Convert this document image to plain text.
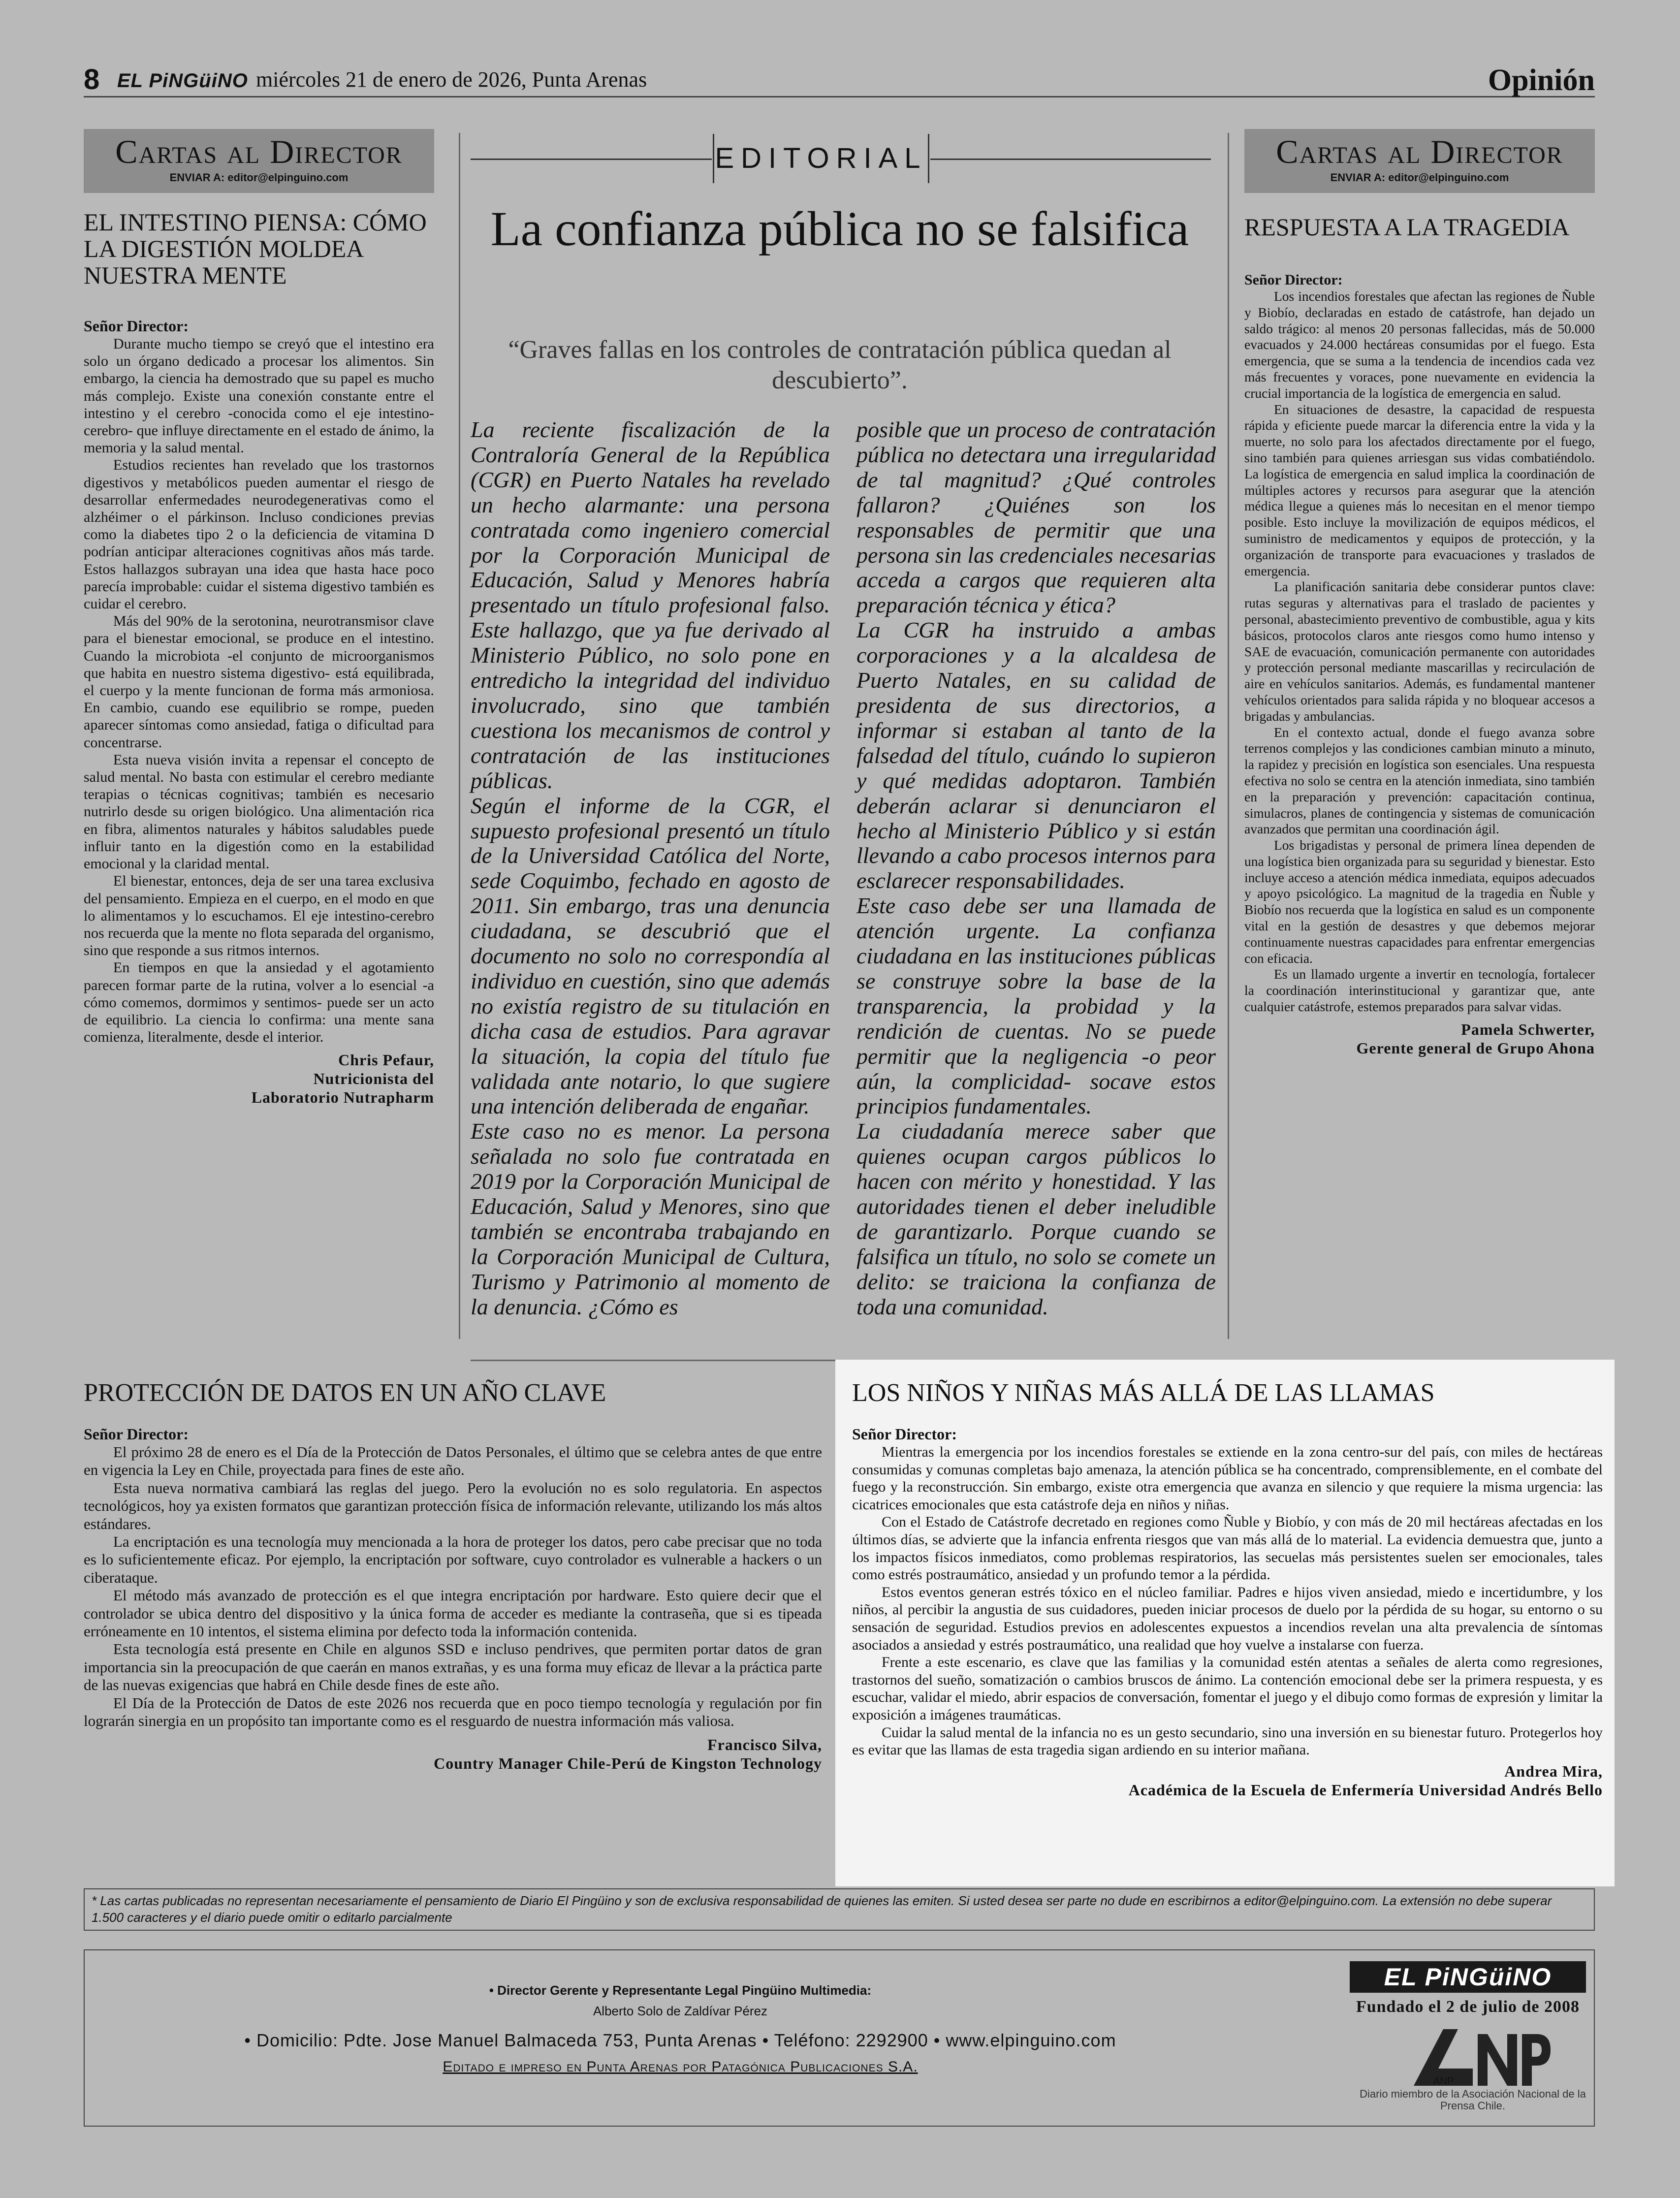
8 EL PiNGüiNO miércoles 21 de enero de 2026, Punta Arenas	Opinión
Cartas al Director
ENVIAR A: editor@elpinguino.com
EL INTESTINO PIENSA: CÓMO LA DIGESTIÓN MOLDEA NUESTRA MENTE
Señor Director:

Durante mucho tiempo se creyó que el intestino era solo un órgano dedicado a procesar los alimentos. Sin embargo, la ciencia ha demostrado que su papel es mucho más complejo. Existe una conexión constante entre el intestino y el cerebro -conocida como el eje intestino-cerebro- que influye directamente en el estado de ánimo, la memoria y la salud mental.

Estudios recientes han revelado que los trastornos digestivos y metabólicos pueden aumentar el riesgo de desarrollar enfermedades neurodegenerativas como el alzhéimer o el párkinson. Incluso condiciones previas como la diabetes tipo 2 o la deficiencia de vitamina D podrían anticipar alteraciones cognitivas años más tarde. Estos hallazgos subrayan una idea que hasta hace poco parecía improbable: cuidar el sistema digestivo también es cuidar el cerebro.

Más del 90% de la serotonina, neurotransmisor clave para el bienestar emocional, se produce en el intestino. Cuando la microbiota -el conjunto de microorganismos que habita en nuestro sistema digestivo- está equilibrada, el cuerpo y la mente funcionan de forma más armoniosa. En cambio, cuando ese equilibrio se rompe, pueden aparecer síntomas como ansiedad, fatiga o dificultad para concentrarse.

Esta nueva visión invita a repensar el concepto de salud mental. No basta con estimular el cerebro mediante terapias o técnicas cognitivas; también es necesario nutrirlo desde su origen biológico. Una alimentación rica en fibra, alimentos naturales y hábitos saludables puede influir tanto en la digestión como en la estabilidad emocional y la claridad mental.

El bienestar, entonces, deja de ser una tarea exclusiva del pensamiento. Empieza en el cuerpo, en el modo en que lo alimentamos y lo escuchamos. El eje intestino-cerebro nos recuerda que la mente no flota separada del organismo, sino que responde a sus ritmos internos.

En tiempos en que la ansiedad y el agotamiento parecen formar parte de la rutina, volver a lo esencial -a cómo comemos, dormimos y sentimos- puede ser un acto de equilibrio. La ciencia lo confirma: una mente sana comienza, literalmente, desde el interior.

Chris Pefaur,
Nutricionista del
Laboratorio Nutrapharm
EDITORIAL
La confianza pública no se falsifica
“Graves fallas en los controles de contratación pública quedan al descubierto”.

La reciente fiscalización de la Contraloría General de la República (CGR) en Puerto Natales ha revelado un hecho alarmante: una persona contratada como ingeniero comercial por la Corporación Municipal de Educación, Salud y Menores habría presentado un título profesional falso. Este hallazgo, que ya fue derivado al Ministerio Público, no solo pone en entredicho la integridad del individuo involucrado, sino que también cuestiona los mecanismos de control y contratación de las instituciones públicas.

Según el informe de la CGR, el supuesto profesional presentó un título de la Universidad Católica del Norte, sede Coquimbo, fechado en agosto de 2011. Sin embargo, tras una denuncia ciudadana, se descubrió que el documento no solo no correspondía al individuo en cuestión, sino que además no existía registro de su titulación en dicha casa de estudios. Para agravar la situación, la copia del título fue validada ante notario, lo que sugiere una intención deliberada de engañar.

Este caso no es menor. La persona señalada no solo fue contratada en 2019 por la Corporación Municipal de Educación, Salud y Menores, sino que también se encontraba trabajando en la Corporación Municipal de Cultura, Turismo y Patrimonio al momento de la denuncia. ¿Cómo es

posible que un proceso de contratación pública no detectara una irregularidad de tal magnitud? ¿Qué controles fallaron? ¿Quiénes son los responsables de permitir que una persona sin las credenciales necesarias acceda a cargos que requieren alta preparación técnica y ética?

La CGR ha instruido a ambas corporaciones y a la alcaldesa de Puerto Natales, en su calidad de presidenta de sus directorios, a informar si estaban al tanto de la falsedad del título, cuándo lo supieron y qué medidas adoptaron. También deberán aclarar si denunciaron el hecho al Ministerio Público y si están llevando a cabo procesos internos para esclarecer responsabilidades.

Este caso debe ser una llamada de atención urgente. La confianza ciudadana en las instituciones públicas se construye sobre la base de la transparencia, la probidad y la rendición de cuentas. No se puede permitir que la negligencia -o peor aún, la complicidad- socave estos principios fundamentales.

La ciudadanía merece saber que quienes ocupan cargos públicos lo hacen con mérito y honestidad. Y las autoridades tienen el deber ineludible de garantizarlo. Porque cuando se falsifica un título, no solo se comete un delito: se traiciona la confianza de toda una comunidad.

Cartas al Director
ENVIAR A: editor@elpinguino.com
RESPUESTA A LA TRAGEDIA
Señor Director:

Los incendios forestales que afectan las regiones de Ñuble y Biobío, declaradas en estado de catástrofe, han dejado un saldo trágico: al menos 20 personas fallecidas, más de 50.000 evacuados y 24.000 hectáreas consumidas por el fuego. Esta emergencia, que se suma a la tendencia de incendios cada vez más frecuentes y voraces, pone nuevamente en evidencia la crucial importancia de la logística de emergencia en salud.

En situaciones de desastre, la capacidad de respuesta rápida y eficiente puede marcar la diferencia entre la vida y la muerte, no solo para los afectados directamente por el fuego, sino también para quienes arriesgan sus vidas combatiéndolo. La logística de emergencia en salud implica la coordinación de múltiples actores y recursos para asegurar que la atención médica llegue a quienes más lo necesitan en el menor tiempo posible. Esto incluye la movilización de equipos médicos, el suministro de medicamentos y equipos de protección, y la organización de transporte para evacuaciones y traslados de emergencia.

La planificación sanitaria debe considerar puntos clave: rutas seguras y alternativas para el traslado de pacientes y personal, abastecimiento preventivo de combustible, agua y kits básicos, protocolos claros ante riesgos como humo intenso y SAE de evacuación, comunicación permanente con autoridades y protección personal mediante mascarillas y recirculación de aire en vehículos sanitarios. Además, es fundamental mantener vehículos orientados para salida rápida y no bloquear accesos a brigadas y ambulancias.

En el contexto actual, donde el fuego avanza sobre terrenos complejos y las condiciones cambian minuto a minuto, la rapidez y precisión en logística son esenciales. Una respuesta efectiva no solo se centra en la atención inmediata, sino también en la preparación y prevención: capacitación continua, simulacros, planes de contingencia y sistemas de comunicación avanzados que permitan una coordinación ágil.

Los brigadistas y personal de primera línea dependen de una logística bien organizada para su seguridad y bienestar. Esto incluye acceso a atención médica inmediata, equipos adecuados y apoyo psicológico. La magnitud de la tragedia en Ñuble y Biobío nos recuerda que la logística en salud es un componente vital en la gestión de desastres y que debemos mejorar continuamente nuestras capacidades para enfrentar emergencias con eficacia.

Es un llamado urgente a invertir en tecnología, fortalecer la coordinación interinstitucional y garantizar que, ante cualquier catástrofe, estemos preparados para salvar vidas.

Pamela Schwerter,
Gerente general de Grupo Ahona
PROTECCIÓN DE DATOS EN UN AÑO CLAVE
Señor Director:

El próximo 28 de enero es el Día de la Protección de Datos Personales, el último que se celebra antes de que entre en vigencia la Ley en Chile, proyectada para fines de este año.

Esta nueva normativa cambiará las reglas del juego. Pero la evolución no es solo regulatoria. En aspectos tecnológicos, hoy ya existen formatos que garantizan protección física de información relevante, utilizando los más altos estándares.

La encriptación es una tecnología muy mencionada a la hora de proteger los datos, pero cabe precisar que no toda es lo suficientemente eficaz. Por ejemplo, la encriptación por software, cuyo controlador es vulnerable a hackers o un ciberataque.

El método más avanzado de protección es el que integra encriptación por hardware. Esto quiere decir que el controlador se ubica dentro del dispositivo y la única forma de acceder es mediante la contraseña, que si es tipeada erróneamente en 10 intentos, el sistema elimina por defecto toda la información contenida.

Esta tecnología está presente en Chile en algunos SSD e incluso pendrives, que permiten portar datos de gran importancia sin la preocupación de que caerán en manos extrañas, y es una forma muy eficaz de llevar a la práctica parte de las nuevas exigencias que habrá en Chile desde fines de este año.

El Día de la Protección de Datos de este 2026 nos recuerda que en poco tiempo tecnología y regulación por fin lograrán sinergia en un propósito tan importante como es el resguardo de nuestra información más valiosa.

Francisco Silva,
Country Manager Chile-Perú de Kingston Technology
LOS NIÑOS Y NIÑAS MÁS ALLÁ DE LAS LLAMAS
Señor Director:

Mientras la emergencia por los incendios forestales se extiende en la zona centro-sur del país, con miles de hectáreas consumidas y comunas completas bajo amenaza, la atención pública se ha concentrado, comprensiblemente, en el combate del fuego y la reconstrucción. Sin embargo, existe otra emergencia que avanza en silencio y que requiere la misma urgencia: las cicatrices emocionales que esta catástrofe deja en niños y niñas.

Con el Estado de Catástrofe decretado en regiones como Ñuble y Biobío, y con más de 20 mil hectáreas afectadas en los últimos días, se advierte que la infancia enfrenta riesgos que van más allá de lo material. La evidencia demuestra que, junto a los impactos físicos inmediatos, como problemas respiratorios, las secuelas más persistentes suelen ser emocionales, tales como estrés postraumático, ansiedad y un profundo temor a la pérdida.

Estos eventos generan estrés tóxico en el núcleo familiar. Padres e hijos viven ansiedad, miedo e incertidumbre, y los niños, al percibir la angustia de sus cuidadores, pueden iniciar procesos de duelo por la pérdida de su hogar, su entorno o su sensación de seguridad. Estudios previos en adolescentes expuestos a incendios revelan una alta prevalencia de síntomas asociados a ansiedad y estrés postraumático, una realidad que hoy vuelve a instalarse con fuerza.

Frente a este escenario, es clave que las familias y la comunidad estén atentas a señales de alerta como regresiones, trastornos del sueño, somatización o cambios bruscos de ánimo. La contención emocional debe ser la primera respuesta, y es escuchar, validar el miedo, abrir espacios de conversación, fomentar el juego y el dibujo como formas de expresión y limitar la exposición a imágenes traumáticas.

Cuidar la salud mental de la infancia no es un gesto secundario, sino una inversión en su bienestar futuro. Protegerlos hoy es evitar que las llamas de esta tragedia sigan ardiendo en su interior mañana.

Andrea Mira,
Académica de la Escuela de Enfermería Universidad Andrés Bello
* Las cartas publicadas no representan necesariamente el pensamiento de Diario El Pingüino y son de exclusiva responsabilidad de quienes las emiten. Si usted desea ser parte no dude en escribirnos a editor@elpinguino.com. La extensión no debe superar 1.500 caracteres y el diario puede omitir o editarlo parcialmente
• Director Gerente y Representante Legal Pingüino Multimedia:
Alberto Solo de Zaldívar Pérez
• Domicilio: Pdte. Jose Manuel Balmaceda 753, Punta Arenas • Teléfono: 2292900 • www.elpinguino.com
Editado e impreso en Punta Arenas por Patagónica Publicaciones S.A.
EL PiNGüiNO
Fundado el 2 de julio de 2008
ANP
Diario miembro de la Asociación Nacional de la Prensa Chile.
